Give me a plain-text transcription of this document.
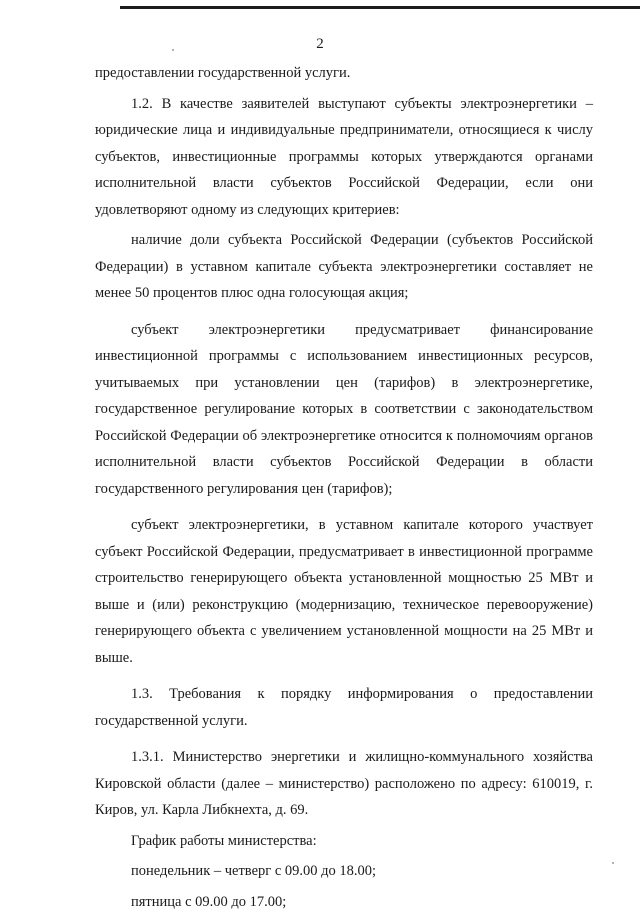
2

предоставлении государственной услуги.

1.2. В качестве заявителей выступают субъекты электроэнергетики – юридические лица и индивидуальные предприниматели, относящиеся к числу субъектов, инвестиционные программы которых утверждаются органами исполнительной власти субъектов Российской Федерации, если они удовлетворяют одному из следующих критериев:

наличие доли субъекта Российской Федерации (субъектов Российской Федерации) в уставном капитале субъекта электроэнергетики составляет не менее 50 процентов плюс одна голосующая акция;

субъект электроэнергетики предусматривает финансирование инвестиционной программы с использованием инвестиционных ресурсов, учитываемых при установлении цен (тарифов) в электроэнергетике, государственное регулирование которых в соответствии с законодательством Российской Федерации об электроэнергетике относится к полномочиям органов исполнительной власти субъектов Российской Федерации в области государственного регулирования цен (тарифов);

субъект электроэнергетики, в уставном капитале которого участвует субъект Российской Федерации, предусматривает в инвестиционной программе строительство генерирующего объекта установленной мощностью 25 МВт и выше и (или) реконструкцию (модернизацию, техническое перевооружение) генерирующего объекта с увеличением установленной мощности на 25 МВт и выше.

1.3. Требования к порядку информирования о предоставлении государственной услуги.

1.3.1. Министерство энергетики и жилищно-коммунального хозяйства Кировской области (далее – министерство) расположено по адресу: 610019, г. Киров, ул. Карла Либкнехта, д. 69.

График работы министерства:

понедельник – четверг с 09.00 до 18.00;

пятница с 09.00 до 17.00;
